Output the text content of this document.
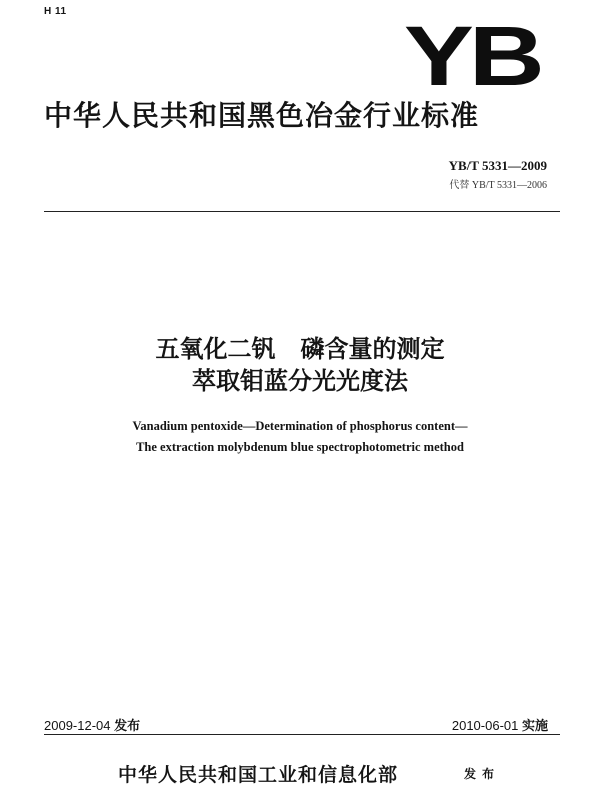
H 11	YB
中华人民共和国黑色冶金行业标准
YB/T 5331—2009
代替 YB/T 5331—2006
五氧化二钒   磷含量的测定
萃取钼蓝分光光度法
Vanadium pentoxide—Determination of phosphorus content—
The extraction molybdenum blue spectrophotometric method
2009-12-04 发布	2010-06-01 实施
中华人民共和国工业和信息化部	发布
